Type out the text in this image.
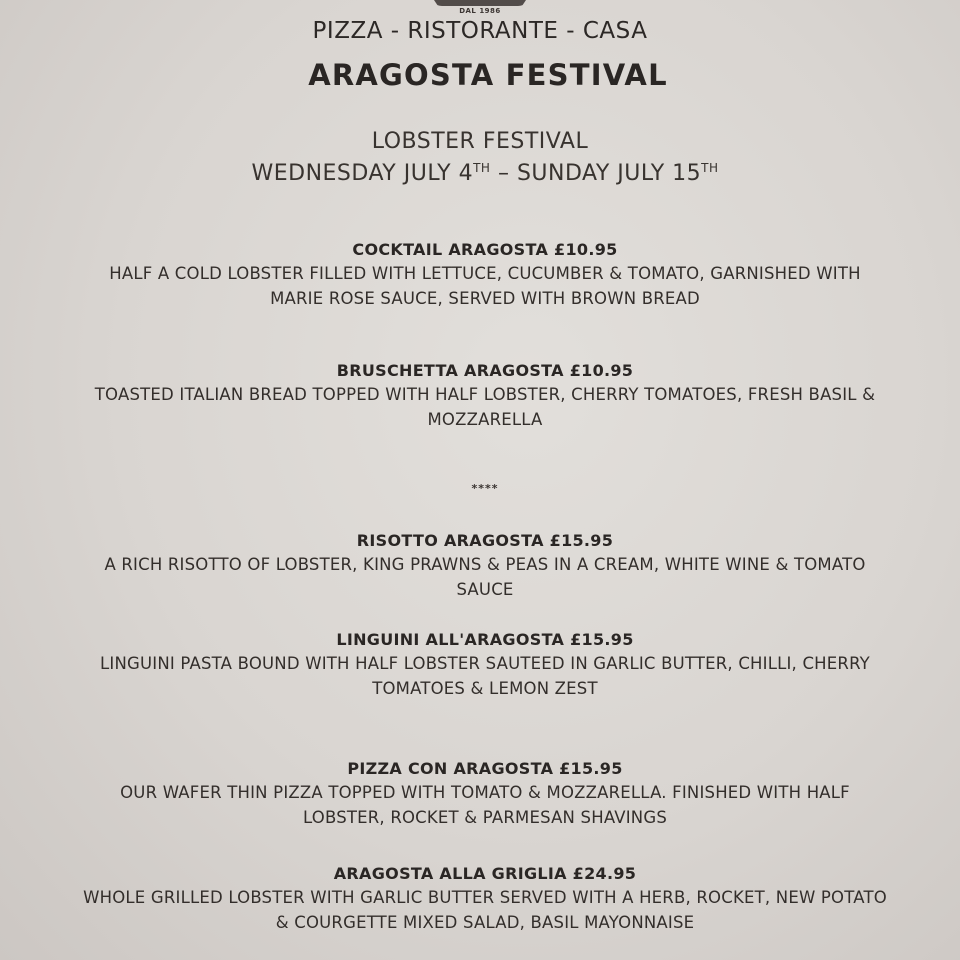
DAL 1986
PIZZA - RISTORANTE - CASA
ARAGOSTA FESTIVAL
LOBSTER FESTIVAL
WEDNESDAY JULY 4TH – SUNDAY JULY 15TH
COCKTAIL ARAGOSTA £10.95
HALF A COLD LOBSTER FILLED WITH LETTUCE, CUCUMBER & TOMATO, GARNISHED WITH
MARIE ROSE SAUCE, SERVED WITH BROWN BREAD
BRUSCHETTA ARAGOSTA £10.95
TOASTED ITALIAN BREAD TOPPED WITH HALF LOBSTER, CHERRY TOMATOES, FRESH BASIL &
MOZZARELLA
****
RISOTTO ARAGOSTA £15.95
A RICH RISOTTO OF LOBSTER, KING PRAWNS & PEAS IN A CREAM, WHITE WINE & TOMATO
SAUCE
LINGUINI ALL'ARAGOSTA £15.95
LINGUINI PASTA BOUND WITH HALF LOBSTER SAUTEED IN GARLIC BUTTER, CHILLI, CHERRY
TOMATOES & LEMON ZEST
PIZZA CON ARAGOSTA £15.95
OUR WAFER THIN PIZZA TOPPED WITH TOMATO & MOZZARELLA. FINISHED WITH HALF
LOBSTER, ROCKET & PARMESAN SHAVINGS
ARAGOSTA ALLA GRIGLIA £24.95
WHOLE GRILLED LOBSTER WITH GARLIC BUTTER SERVED WITH A HERB, ROCKET, NEW POTATO
& COURGETTE MIXED SALAD, BASIL MAYONNAISE
